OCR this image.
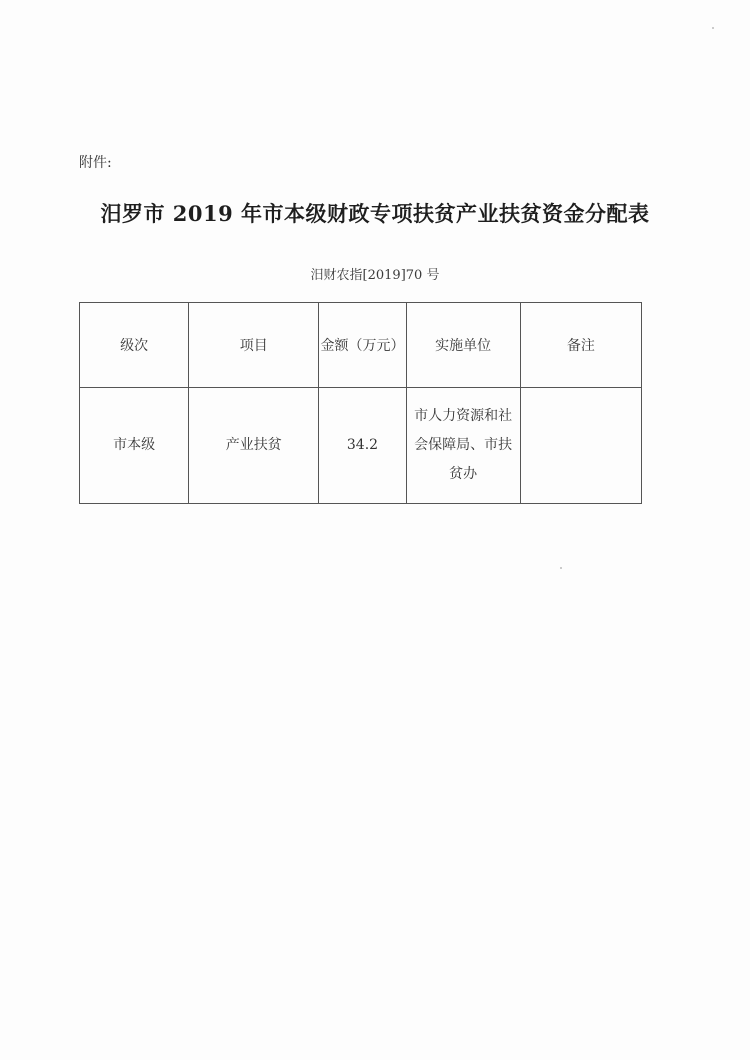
附件:
汨罗市 2019 年市本级财政专项扶贫产业扶贫资金分配表
汨财农指[2019]70 号
级次	项目	金额（万元）	实施单位	备注
市本级	产业扶贫	34.2	市人力资源和社会保障局、市扶贫办	
